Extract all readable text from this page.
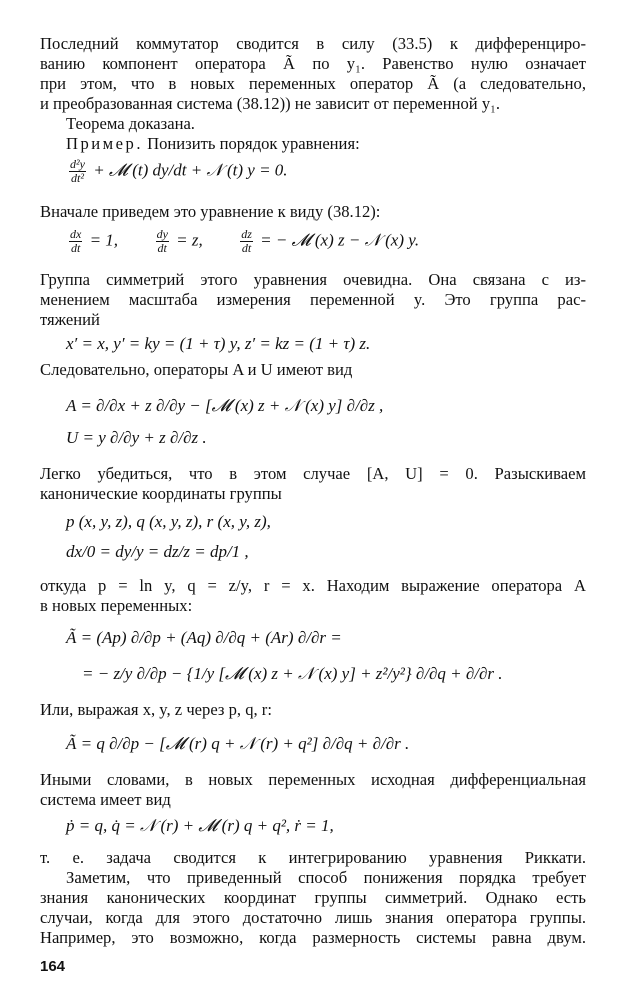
Последний коммутатор сводится в силу (33.5) к дифференциро-
ванию компонент оператора Ã по y₁. Равенство нулю означает
при этом, что в новых переменных оператор Ã (а следовательно,
и преобразованная система (38.12)) не зависит от переменной y₁.
Теорема доказана.
Пример. Понизить порядок уравнения:
$\frac{\text{d²y}}{\text{dt²}}$ + 𝓜 (t) dy/dt + 𝒩 (t) y = 0.
Вначале приведем это уравнение к виду (38.12):
$\frac{dx}{dt} = 1$,	$\frac{dy}{dt} = z$,	$\frac{dz}{dt}$ = − 𝓜 (x) z − 𝒩 (x) y.
Группа симметрий этого уравнения очевидна. Она связана с из-
менением масштаба измерения переменной y. Это группа рас-
тяжений
x′ = x, y′ = ky = (1 + τ) y, z′ = kz = (1 + τ) z.
Следовательно, операторы A и U имеют вид
A = ∂/∂x + z ∂/∂y − [𝓜 (x) z + 𝒩 (x) y] ∂/∂z ,
U = y ∂/∂y + z ∂/∂z .
Легко убедиться, что в этом случае [A, U] = 0. Разыскиваем
канонические координаты группы
p (x, y, z), q (x, y, z), r (x, y, z),
dx/0 = dy/y = dz/z = dp/1 ,
откуда p = ln y, q = z/y, r = x. Находим выражение оператора A
в новых переменных:
Ã = (Ap) ∂/∂p + (Aq) ∂/∂q + (Ar) ∂/∂r =
= − z/y ∂/∂p − {1/y [𝓜 (x) z + 𝒩 (x) y] + z²/y²} ∂/∂q + ∂/∂r .
Или, выражая x, y, z через p, q, r:
Ã = q ∂/∂p − [𝓜 (r) q + 𝒩 (r) + q²] ∂/∂q + ∂/∂r .
Иными словами, в новых переменных исходная дифференциальная
система имеет вид
ṗ = q, q̇ = 𝒩 (r) + 𝓜 (r) q + q², ṙ = 1,
т. е. задача сводится к интегрированию уравнения Риккати.
Заметим, что приведенный способ понижения порядка требует
знания канонических координат группы симметрий. Однако есть
случаи, когда для этого достаточно лишь знания оператора группы.
Например, это возможно, когда размерность системы равна двум.
164
